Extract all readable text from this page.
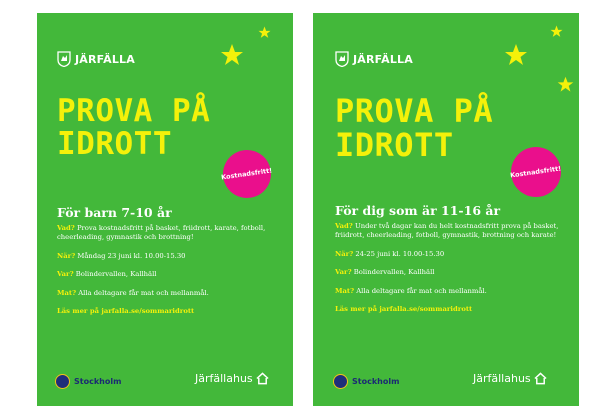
JÄRFÄLLA
PROVA PÅ
IDROTT
Kostnadsfritt!
För barn 7-10 år

Vad? Prova kostnadsfritt på basket, friidrott, karate, fotboll, cheerleading, gymnastik och brottning!

När? Måndag 23 juni kl. 10.00-15.30

Var? Bolindervallen, Kallhäll

Mat? Alla deltagare får mat och mellanmål.

Läs mer på jarfalla.se/sommaridrott

Stockholm	Järfällahus
JÄRFÄLLA
PROVA PÅ
IDROTT
Kostnadsfritt!
För dig som är 11-16 år

Vad? Under två dagar kan du helt kostnadsfritt prova på basket, friidrott, cheerleading, fotboll, gymnastik, brottning och karate!

När? 24-25 juni kl. 10.00-15.30

Var? Bolindervallen, Kallhäll

Mat? Alla deltagare får mat och mellanmål.

Läs mer på jarfalla.se/sommaridrott

Stockholm	Järfällahus
